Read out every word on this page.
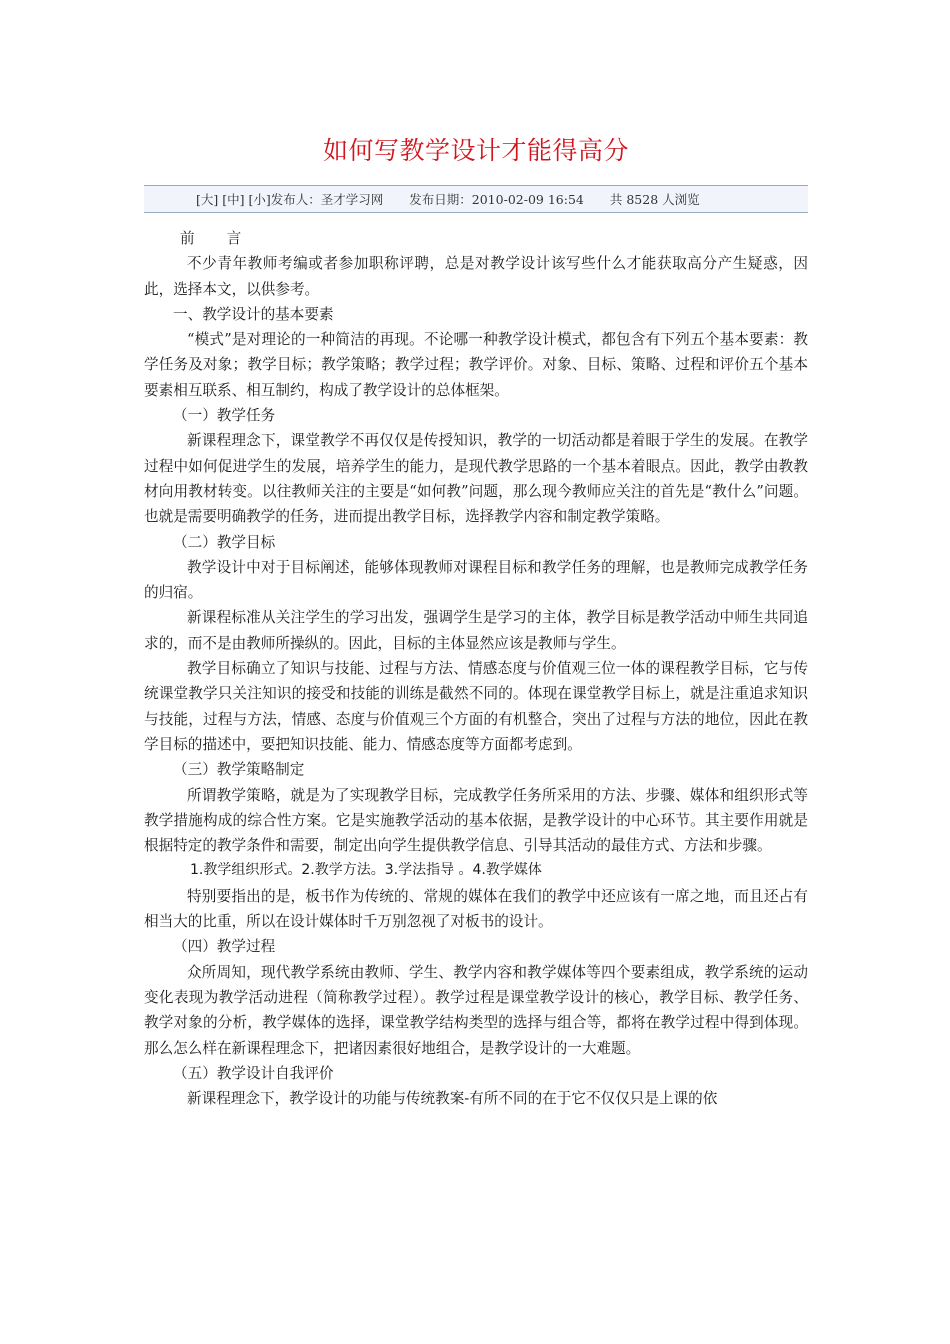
如何写教学设计才能得高分
[大] [中] [小]发布人：圣才学习网 发布日期：2010-02-09 16:54 共 8528 人浏览

前 言

不少青年教师考编或者参加职称评聘，总是对教学设计该写些什么才能获取高分产生疑惑，因此，选择本文，以供参考。

一、教学设计的基本要素

“模式”是对理论的一种简洁的再现。不论哪一种教学设计模式，都包含有下列五个基本要素：教学任务及对象；教学目标；教学策略；教学过程；教学评价。对象、目标、策略、过程和评价五个基本要素相互联系、相互制约，构成了教学设计的总体框架。

（一）教学任务

新课程理念下，课堂教学不再仅仅是传授知识，教学的一切活动都是着眼于学生的发展。在教学过程中如何促进学生的发展，培养学生的能力，是现代教学思路的一个基本着眼点。因此，教学由教教材向用教材转变。以往教师关注的主要是“如何教”问题，那么现今教师应关注的首先是“教什么”问题。也就是需要明确教学的任务，进而提出教学目标，选择教学内容和制定教学策略。

（二）教学目标

教学设计中对于目标阐述，能够体现教师对课程目标和教学任务的理解，也是教师完成教学任务的归宿。

新课程标准从关注学生的学习出发，强调学生是学习的主体，教学目标是教学活动中师生共同追求的，而不是由教师所操纵的。因此，目标的主体显然应该是教师与学生。

教学目标确立了知识与技能、过程与方法、情感态度与价值观三位一体的课程教学目标，它与传统课堂教学只关注知识的接受和技能的训练是截然不同的。体现在课堂教学目标上，就是注重追求知识与技能，过程与方法，情感、态度与价值观三个方面的有机整合，突出了过程与方法的地位，因此在教学目标的描述中，要把知识技能、能力、情感态度等方面都考虑到。

（三）教学策略制定

所谓教学策略，就是为了实现教学目标，完成教学任务所采用的方法、步骤、媒体和组织形式等教学措施构成的综合性方案。它是实施教学活动的基本依据，是教学设计的中心环节。其主要作用就是根据特定的教学条件和需要，制定出向学生提供教学信息、引导其活动的最佳方式、方法和步骤。

1.教学组织形式。2.教学方法。3.学法指导 。4.教学媒体

特别要指出的是，板书作为传统的、常规的媒体在我们的教学中还应该有一席之地，而且还占有相当大的比重，所以在设计媒体时千万别忽视了对板书的设计。

（四）教学过程

众所周知，现代教学系统由教师、学生、教学内容和教学媒体等四个要素组成，教学系统的运动变化表现为教学活动进程（简称教学过程）。教学过程是课堂教学设计的核心，教学目标、教学任务、教学对象的分析，教学媒体的选择，课堂教学结构类型的选择与组合等，都将在教学过程中得到体现。那么怎么样在新课程理念下，把诸因素很好地组合，是教学设计的一大难题。

（五）教学设计自我评价

新课程理念下，教学设计的功能与传统教案-有所不同的在于它不仅仅只是上课的依
